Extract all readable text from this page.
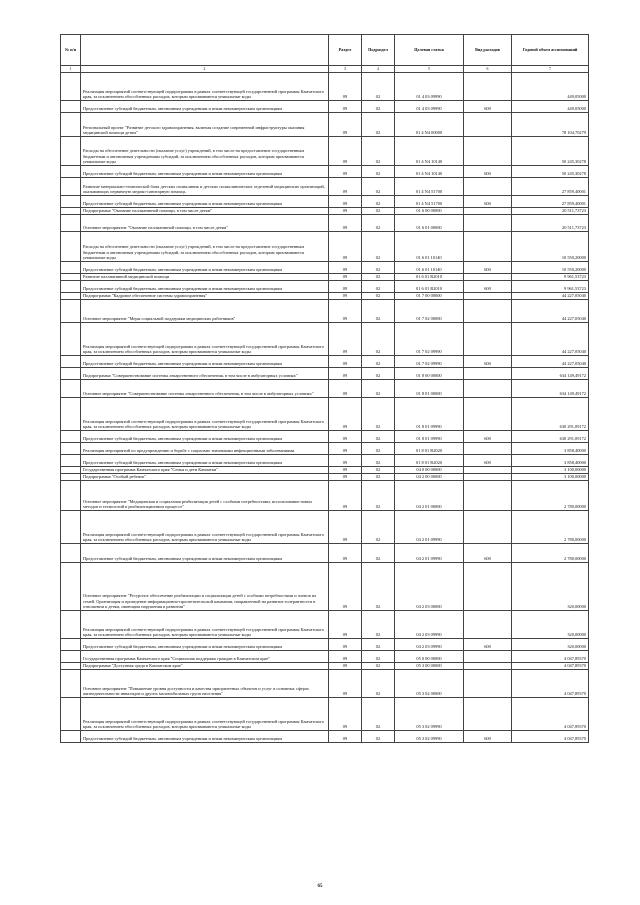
№ п/п		Раздел	Подраздел	Целевая статья	Вид расходов	Годовой объем ассигнований
1	2	3	4	5	6	7
	Реализация мероприятий соответствующей подпрограммы в рамках соответствующей государственной программы Камчатского края, за исключением обособленных расходов, которым присваиваются уникальные коды	09	02	01 4 03 09990		449,05000
	Предоставление субсидий бюджетным, автономным учреждениям и иным некоммерческим организациям	09	02	01 4 03 09990	600	449,05000
	Региональный проект "Развитие детского здравоохранения, включая создание современной инфраструктуры оказания медицинской помощи детям"	09	02	01 4 N4 00000		78 104,70279
	Расходы на обеспечение деятельности (оказание услуг) учреждений, в том числе на предоставление государственным бюджетным и автономным учреждениям субсидий, за исключением обособленных расходов, которым присваиваются уникальные коды	09	02	01 4 N4 10140		50 245,30278
	Предоставление субсидий бюджетным, автономным учреждениям и иным некоммерческим организациям	09	02	01 4 N4 10140	600	50 245,30278
	Развитие материально-технической базы детских поликлиник и детских поликлинических отделений медицинских организаций, оказывающих первичную медико-санитарную помощь	09	02	01 4 N4 51700		27 859,40001
	Предоставление субсидий бюджетным, автономным учреждениям и иным некоммерческим организациям	09	02	01 4 N4 51700	600	27 859,40001
	Подпрограмма "Оказание паллиативной помощи, в том числе детям"	09	02	01 6 00 00000		20 511,73723
	Основное мероприятие "Оказание паллиативной помощи, в том числе детям"	09	02	01 6 01 00000		20 511,73723
	Расходы на обеспечение деятельности (оказание услуг) учреждений, в том числе на предоставление государственным бюджетным и автономным учреждениям субсидий, за исключением обособленных расходов, которым присваиваются уникальные коды	09	02	01 6 01 10140		10 550,20000
	Предоставление субсидий бюджетным, автономным учреждениям и иным некоммерческим организациям	09	02	01 6 01 10140	600	10 550,20000
	Развитие паллиативной медицинской помощи	09	02	01 6 01 R2010		9 961,53723
	Предоставление субсидий бюджетным, автономным учреждениям и иным некоммерческим организациям	09	02	01 6 01 R2010	600	9 961,53723
	Подпрограмма "Кадровое обеспечение системы здравоохранения"	09	02	01 7 00 00000		44 227,05040
	Основное мероприятие "Меры социальной поддержки медицинских работников"	09	02	01 7 02 00000		44 227,05040
	Реализация мероприятий соответствующей подпрограммы в рамках соответствующей государственной программы Камчатского края, за исключением обособленных расходов, которым присваиваются уникальные коды	09	02	01 7 02 09990		44 227,05040
	Предоставление субсидий бюджетным, автономным учреждениям и иным некоммерческим организациям	09	02	01 7 02 09990	600	44 227,05040
	Подпрограмма "Совершенствование системы лекарственного обеспечения, в том числе в амбулаторных условиях"	09	02	01 8 00 00000		634 149,49172
	Основное мероприятие "Совершенствование системы лекарственного обеспечения, в том числе в амбулаторных условиях"	09	02	01 8 01 00000		634 149,49172
	Реализация мероприятий соответствующей подпрограммы в рамках соответствующей государственной программы Камчатского края, за исключением обособленных расходов, которым присваиваются уникальные коды	09	02	01 8 01 09990		630 291,09172
	Предоставление субсидий бюджетным, автономным учреждениям и иным некоммерческим организациям	09	02	01 8 01 09990	600	630 291,09172
	Реализация мероприятий по предупреждению и борьбе с социально значимыми инфекционными заболеваниями	09	02	01 8 01 R2020		3 858,40000
	Предоставление субсидий бюджетным, автономным учреждениям и иным некоммерческим организациям	09	02	01 8 01 R2020	600	3 858,40000
	Государственная программа Камчатского края "Семья и дети Камчатки"	09	02	04 0 00 00000		3 100,00000
	Подпрограмма "Особый ребенок"	09	02	04 2 00 00000		3 100,00000
	Основное мероприятие "Медицинская и социальная реабилитация детей с особыми потребностями, использование новых методов и технологий в реабилитационном процессе"	09	02	04 2 01 00000		2 780,00000
	Реализация мероприятий соответствующей подпрограммы в рамках соответствующей государственной программы Камчатского края, за исключением обособленных расходов, которым присваиваются уникальные коды	09	02	04 2 01 09990		2 780,00000
	Предоставление субсидий бюджетным, автономным учреждениям и иным некоммерческим организациям	09	02	04 2 01 09990	600	2 780,00000
	Основное мероприятие "Ресурсное обеспечение реабилитации и социализации детей с особыми потребностями и членов их семей. Организация и проведение информационно-просветительской кампании, направленной на развитие толерантности в отношении к детям, имеющим нарушения в развитии"	09	02	04 2 03 00000		320,00000
	Реализация мероприятий соответствующей подпрограммы в рамках соответствующей государственной программы Камчатского края, за исключением обособленных расходов, которым присваиваются уникальные коды	09	02	04 2 03 09990		320,00000
	Предоставление субсидий бюджетным, автономным учреждениям и иным некоммерческим организациям	09	02	04 2 03 09990	600	320,00000
	Государственная программа Камчатского края "Социальная поддержка граждан в Камчатском крае"	09	02	05 0 00 00000		4 047,89370
	Подпрограмма "Доступная среда в Камчатском крае"	09	02	05 3 00 00000		4 047,89370
	Основное мероприятие "Повышение уровня доступности и качества приоритетных объектов и услуг в основных сферах жизнедеятельности инвалидов и других маломобильных групп населения"	09	02	05 3 02 00000		4 047,89370
	Реализация мероприятий соответствующей подпрограммы в рамках соответствующей государственной программы Камчатского края, за исключением обособленных расходов, которым присваиваются уникальные коды	09	02	05 3 02 09990		4 047,89370
	Предоставление субсидий бюджетным, автономным учреждениям и иным некоммерческим организациям	09	02	05 3 02 09990	600	4 047,89370
65
